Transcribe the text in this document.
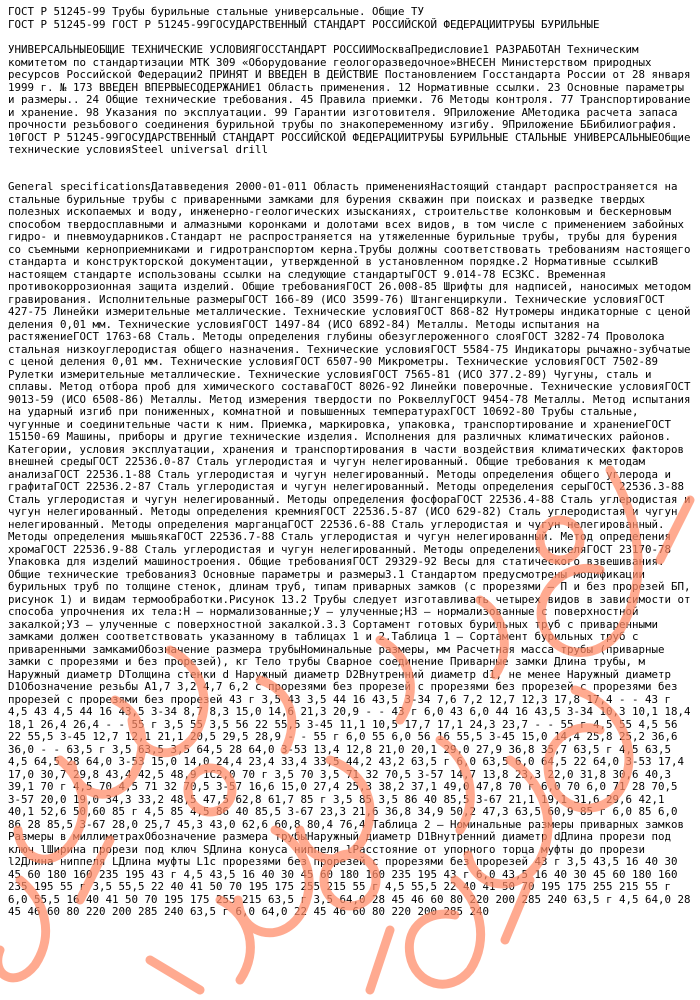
ГОСТ Р 51245-99 Трубы бурильные стальные универсальные. Общие ТУ
ГОСТ Р 51245-99 ГОСТ Р 51245-99ГОСУДАРСТВЕННЫЙ СТАНДАРТ РОССИЙСКОЙ ФЕДЕРАЦИИТРУБЫ БУРИЛЬНЫЕ

УНИВЕРСАЛЬНЫЕОБЩИЕ ТЕХНИЧЕСКИЕ УСЛОВИЯГОССТАНДАРТ РОССИИМоскваПредисловие1 РАЗРАБОТАН Техническим комитетом по стандартизации МТК 309 «Оборудование геологоразведочное»ВНЕСЕН Министерством природных ресурсов Российской Федерации2 ПРИНЯТ И ВВЕДЕН В ДЕЙСТВИЕ Постановлением Госстандарта России от 28 января 1999 г. № 173 ВВЕДЕН ВПЕРВЫЕСОДЕРЖАНИЕ1 Область применения. 12 Нормативные ссылки. 23 Основные параметры и размеры.. 24 Общие технические требования. 45 Правила приемки. 76 Методы контроля. 77 Транспортирование и хранение. 98 Указания по эксплуатации. 99 Гарантии изготовителя. 9Приложение АМетодика расчета запаса прочности резьбового соединения бурильной трубы по знакопеременному изгибу. 9Приложение ББибилиография. 10ГОСТ Р 51245-99ГОСУДАРСТВЕННЫЙ СТАНДАРТ РОССИЙСКОЙ ФЕДЕРАЦИИТРУБЫ БУРИЛЬНЫЕ СТАЛЬНЫЕ УНИВЕРСАЛЬНЫЕОбщие технические условияSteel universal drill

General specificationsДатавведения 2000-01-011 Область примененияНастоящий стандарт распространяется на стальные бурильные трубы с приваренными замками для бурения скважин при поисках и разведке твердых полезных ископаемых и воду, инженерно-геологических изысканиях, строительстве колонковым и бескерновым способом твердосплавными и алмазными коронками и долотами всех видов, в том числе с применением забойных гидро- и пневмоударников.Стандарт не распространяется на утяжеленные бурильные трубы, трубы для бурения со съемными керноприемниками и гидротранспортом керна.Трубы должны соответствовать требованиям настоящего стандарта и конструкторской документации, утвержденной в установленном порядке.2 Нормативные ссылкиВ настоящем стандарте использованы ссылки на следующие стандартыГОСТ 9.014-78 ЕСЗКС. Временная противокоррозионная защита изделий. Общие требованияГОСТ 26.008-85 Шрифты для надписей, наносимых методом гравирования. Исполнительные размерыГОСТ 166-89 (ИСО 3599-76) Штангенциркули. Технические условияГОСТ 427-75 Линейки измерительные металлические. Технические условияГОСТ 868-82 Нутромеры индикаторные с ценой деления 0,01 мм. Технические условияГОСТ 1497-84 (ИСО 6892-84) Металлы. Методы испытания на растяжениеГОСТ 1763-68 Сталь. Методы определения глубины обезуглероженного слояГОСТ 3282-74 Проволока стальная низкоуглеродистая общего назначения. Технические условияГОСТ 5584-75 Индикаторы рычажно-зубчатые с ценой деления 0,01 мм. Технические условияГОСТ 6507-90 Микрометры. Технические условияГОСТ 7502-89 Рулетки измерительные металлические. Технические условияГОСТ 7565-81 (ИСО 377.2-89) Чугуны, сталь и сплавы. Метод отбора проб для химического составаГОСТ 8026-92 Линейки поверочные. Технические условияГОСТ 9013-59 (ИСО 6508-86) Металлы. Метод измерения твердости по РоквеллуГОСТ 9454-78 Металлы. Метод испытания на ударный изгиб при пониженных, комнатной и повышенных температурахГОСТ 10692-80 Трубы стальные, чугунные и соединительные части к ним. Приемка, маркировка, упаковка, транспортирование и хранениеГОСТ 15150-69 Машины, приборы и другие технические изделия. Исполнения для различных климатических районов. Категории, условия эксплуатации, хранения и транспортирования в части воздействия климатических факторов внешней средыГОСТ 22536.0-87 Сталь углеродистая и чугун нелегированный. Общие требования к методам анализаГОСТ 22536.1-88 Сталь углеродистая и чугун нелегированный. Методы определения общего углерода и графитаГОСТ 22536.2-87 Сталь углеродистая и чугун нелегированный. Методы определения серыГОСТ 22536.3-88 Сталь углеродистая и чугун нелегированный. Методы определения фосфораГОСТ 22536.4-88 Сталь углеродистая и чугун нелегированный. Методы определения кремнияГОСТ 22536.5-87 (ИСО 629-82) Сталь углеродистая и чугун нелегированный. Методы определения марганцаГОСТ 22536.6-88 Сталь углеродистая и чугун нелегированный. Методы определения мышьякаГОСТ 22536.7-88 Сталь углеродистая и чугун нелегированный. Метод определения хромаГОСТ 22536.9-88 Сталь углеродистая и чугун нелегированный. Методы определения никеляГОСТ 23170-78 Упаковка для изделий машиностроения. Общие требованияГОСТ 29329-92 Весы для статического взвешивания. Общие технические требования3 Основные параметры и размеры3.1 Стандартом предусмотрены модификации бурильных труб по толщине стенок, длинам труб, типам приварных замков (с прорезями – П и без прорезей БП, рисунок 1) и видам термообработки.Рисунок 13.2 Трубы следует изготавливать четырех видов в зависимости от способа упрочнения их тела:Н – нормализованные;У – улученные;НЗ – нормализованные с поверхностной закалкой;УЗ – улученные с поверхностной закалкой.3.3 Сортамент готовых бурильных труб с приваренными замками должен соответствовать указанному в таблицах 1 и 2.Таблица 1 – Сортамент бурильных труб с приваренными замкамиОбозначение размера трубыНоминальные размеры, мм Расчетная масса трубы (приварные замки с прорезями и без прорезей), кг Тело трубы Сварное соединение Приварные замки Длина трубы, м Наружный диаметр DТолщина стенки d Наружный диаметр D2Внутренний диаметр d1, не менее Наружный диаметр D1Обозначение резьбы А1,7 3,2 4,7 6,2 с прорезями без прорезей с прорезями без прорезей с прорезями без прорезей с прорезями без прорезей 43 г 3,5 43 3,5 44 16 43,5 3-34 7,6 7,2 12,7 12,3 17,8 17,4 - - 43 г 4,5 43 4,5 44 16 43,5 3-34 8,7 8,3 15,0 14,6 21,3 20,9 - - 43 г 6,0 43 6,0 44 16 43,5 3-34 10,3 10,1 18,4 18,1 26,4 26,4 - - 55 г 3,5 55 3,5 56 22 55,5 3-45 11,1 10,5 17,7 17,1 24,3 23,7 - - 55 г 4,5 55 4,5 56 22 55,5 3-45 12,7 12,1 21,1 20,5 29,5 28,9 - - 55 г 6,0 55 6,0 56 16 55,5 3-45 15,0 14,4 25,8 25,2 36,6 36,0 - - 63,5 г 3,5 63,5 3,5 64,5 28 64,0 3-53 13,4 12,8 21,0 20,1 29,0 27,9 36,8 35,7 63,5 г 4,5 63,5 4,5 64,5 28 64,0 3-53 15,0 14,0 24,4 23,4 33,4 33,5 44,2 43,2 63,5 г 6,0 63,5 6,0 64,5 22 64,0 3-53 17,4 17,0 30,7 29,8 43,4 42,5 48,9 1С2,0 70 г 3,5 70 3,5 71 32 70,5 3-57 14,7 13,8 23,3 22,0 31,8 30,6 40,3 39,1 70 г 4,5 70 4,5 71 32 70,5 3-57 16,6 15,0 27,4 25,3 38,2 37,1 49,0 47,8 70 г 6,0 70 6,0 71 28 70,5 3-57 20,0 19,0 34,3 33,2 48,5 47,5 62,8 61,7 85 г 3,5 85 3,5 86 40 85,5 3-67 21,1 19,1 31,6 29,6 42,1 40,1 52,6 50,60 85 г 4,5 85 4,5 86 40 85,5 3-67 23,3 21,6 36,8 34,9 50,2 47,3 63,5 60,9 85 г 6,0 85 6,0 86 28 85,5 3-67 28,0 25,7 45,3 43,0 62,6 60,8 80,4 76,4 Таблица 2 – Номинальные размеры приварных замков Размеры в миллиметрахОбозначение размера трубыНаружный диаметр D1Внутренний диаметр dДлина прорези под ключ lШирина прорези под ключ SДлина конуса ниппеля lРасстояние от упорного торца муфты до прорези l2Длина ниппеля LДлина муфты L1с прорезями без прорезей с прорезями без прорезей 43 г 3,5 43,5 16 40 30 45 60 180 160 235 195 43 г 4,5 43,5 16 40 30 45 60 180 160 235 195 43 г 6,0 43,5 16 40 30 45 60 180 160 235 195 55 г 3,5 55,5 22 40 41 50 70 195 175 255 215 55 г 4,5 55,5 22 40 41 50 70 195 175 255 215 55 г 6,0 55,5 16 40 41 50 70 195 175 255 215 63,5 г 3,5 64,0 28 45 46 60 80 220 200 285 240 63,5 г 4,5 64,0 28 45 46 60 80 220 200 285 240 63,5 г 6,0 64,0 22 45 46 60 80 220 200 285 240
